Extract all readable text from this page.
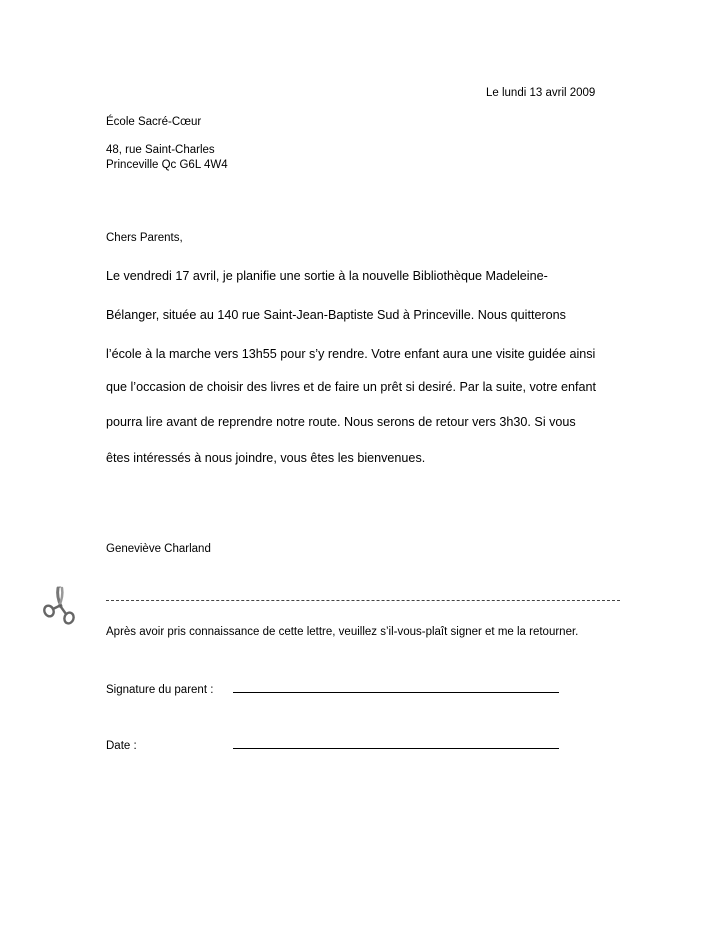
Le lundi 13 avril 2009
École Sacré-Cœur
48, rue Saint-Charles
Princeville Qc G6L 4W4
Chers Parents,
Le vendredi 17 avril, je planifie une sortie à la nouvelle Bibliothèque Madeleine-
Bélanger, située au 140 rue Saint-Jean-Baptiste Sud à Princeville. Nous quitterons
l’école à la marche vers 13h55 pour s’y rendre. Votre enfant aura une visite guidée ainsi
que l’occasion de choisir des livres et de faire un prêt si desiré. Par la suite, votre enfant
pourra lire avant de reprendre notre route. Nous serons de retour vers 3h30. Si vous
êtes intéressés à nous joindre, vous êtes les bienvenues.
Geneviève Charland
Après avoir pris connaissance de cette lettre, veuillez s’il-vous-plaît signer et me la retourner.
Signature du parent :
Date :
